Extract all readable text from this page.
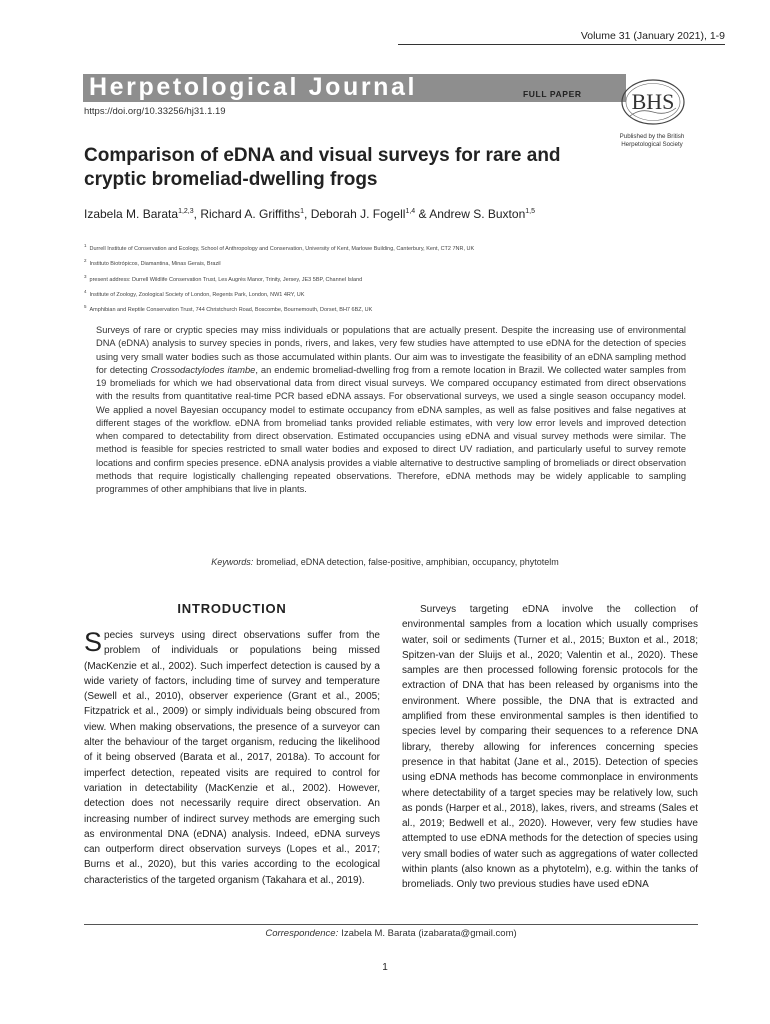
Volume 31 (January 2021), 1-9
Herpetological Journal	FULL PAPER BHS
Published by the British
Herpetological Society
https://doi.org/10.33256/hj31.1.19
Comparison of eDNA and visual surveys for rare and cryptic bromeliad-dwelling frogs
Izabela M. Barata$^{1,2,3}$, Richard A. Griffiths$^1$, Deborah J. Fogell$^{1,4}$ & Andrew S. Buxton$^{1,5}$
$^1$Durrell Institute of Conservation and Ecology, School of Anthropology and Conservation, University of Kent, Marlowe Building, Canterbury, Kent, CT2 7NR, UK
$^2$Instituto Biotrópicos, Diamantina, Minas Gerais, Brazil
$^3$present address: Durrell Wildlife Conservation Trust, Les Augrès Manor, Trinity, Jersey, JE3 5BP, Channel Island
$^4$Institute of Zoology, Zoological Society of London, Regents Park, London, NW1 4RY, UK
$^5$Amphibian and Reptile Conservation Trust, 744 Christchurch Road, Boscombe, Bournemouth, Dorset, BH7 6BZ, UK

Surveys of rare or cryptic species may miss individuals or populations that are actually present. Despite the increasing use of environmental DNA (eDNA) analysis to survey species in ponds, rivers, and lakes, very few studies have attempted to use eDNA for the detection of species using very small water bodies such as those accumulated within plants. Our aim was to investigate the feasibility of an eDNA sampling method for detecting Crossodactylodes itambe, an endemic bromeliad-dwelling frog from a remote location in Brazil. We collected water samples from 19 bromeliads for which we had observational data from direct visual surveys. We compared occupancy estimated from direct observations with the results from quantitative real-time PCR based eDNA assays. For observational surveys, we used a single season occupancy model. We applied a novel Bayesian occupancy model to estimate occupancy from eDNA samples, as well as false positives and false negatives at different stages of the workflow. eDNA from bromeliad tanks provided reliable estimates, with very low error levels and improved detection when compared to detectability from direct observation. Estimated occupancies using eDNA and visual survey methods were similar. The method is feasible for species restricted to small water bodies and exposed to direct UV radiation, and particularly useful to survey remote locations and confirm species presence. eDNA analysis provides a viable alternative to destructive sampling of bromeliads or direct observation methods that require logistically challenging repeated observations. Therefore, eDNA methods may be widely applicable to sampling programmes of other amphibians that live in plants.

Keywords: bromeliad, eDNA detection, false-positive, amphibian, occupancy, phytotelm
INTRODUCTION

Species surveys using direct observations suffer from the problem of individuals or populations being missed (MacKenzie et al., 2002). Such imperfect detection is caused by a wide variety of factors, including time of survey and temperature (Sewell et al., 2010), observer experience (Grant et al., 2005; Fitzpatrick et al., 2009) or simply individuals being obscured from view. When making observations, the presence of a surveyor can alter the behaviour of the target organism, reducing the likelihood of it being observed (Barata et al., 2017, 2018a). To account for imperfect detection, repeated visits are required to control for variation in detectability (MacKenzie et al., 2002). However, detection does not necessarily require direct observation. An increasing number of indirect survey methods are emerging such as environmental DNA (eDNA) analysis. Indeed, eDNA surveys can outperform direct observation surveys (Lopes et al., 2017; Burns et al., 2020), but this varies according to the ecological characteristics of the targeted organism (Takahara et al., 2019).

Surveys targeting eDNA involve the collection of environmental samples from a location which usually comprises water, soil or sediments (Turner et al., 2015; Buxton et al., 2018; Spitzen-van der Sluijs et al., 2020; Valentin et al., 2020). These samples are then processed following forensic protocols for the extraction of DNA that has been released by organisms into the environment. Where possible, the DNA that is extracted and amplified from these environmental samples is then identified to species level by comparing their sequences to a reference DNA library, thereby allowing for inferences concerning species presence in that habitat (Jane et al., 2015). Detection of species using eDNA methods has become commonplace in environments where detectability of a target species may be relatively low, such as ponds (Harper et al., 2018), lakes, rivers, and streams (Sales et al., 2019; Bedwell et al., 2020). However, very few studies have attempted to use eDNA methods for the detection of species using very small bodies of water such as aggregations of water collected within plants (also known as a phytotelm), e.g. within the tanks of bromeliads. Only two previous studies have used eDNA

Correspondence: Izabela M. Barata (izabarata@gmail.com)
1
